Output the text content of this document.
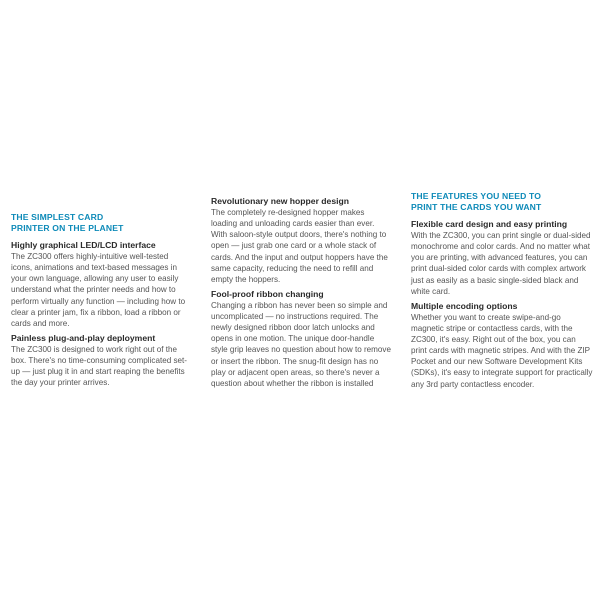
THE SIMPLEST CARD
PRINTER ON THE PLANET
Highly graphical LED/LCD interface

The ZC300 offers highly-intuitive well-tested icons, animations and text-based messages in your own language, allowing any user to easily understand what the printer needs and how to perform virtually any function — including how to clear a printer jam, fix a ribbon, load a ribbon or cards and more.

Painless plug-and-play deployment

The ZC300 is designed to work right out of the box. There's no time-consuming complicated set-up — just plug it in and start reaping the benefits the day your printer arrives.

Revolutionary new hopper design

The completely re-designed hopper makes loading and unloading cards easier than ever. With saloon-style output doors, there's nothing to open — just grab one card or a whole stack of cards. And the input and output hoppers have the same capacity, reducing the need to refill and empty the hoppers.

Fool-proof ribbon changing

Changing a ribbon has never been so simple and uncomplicated — no instructions required. The newly designed ribbon door latch unlocks and opens in one motion. The unique door-handle style grip leaves no question about how to remove or insert the ribbon. The snug-fit design has no play or adjacent open areas, so there's never a question about whether the ribbon is installed

THE FEATURES YOU NEED TO
PRINT THE CARDS YOU WANT
Flexible card design and easy printing

With the ZC300, you can print single or dual-sided monochrome and color cards. And no matter what you are printing, with advanced features, you can print dual-sided color cards with complex artwork just as easily as a basic single-sided black and white card.

Multiple encoding options

Whether you want to create swipe-and-go magnetic stripe or contactless cards, with the ZC300, it's easy. Right out of the box, you can print cards with magnetic stripes. And with the ZIP Pocket and our new Software Development Kits (SDKs), it's easy to integrate support for practically any 3rd party contactless encoder.
